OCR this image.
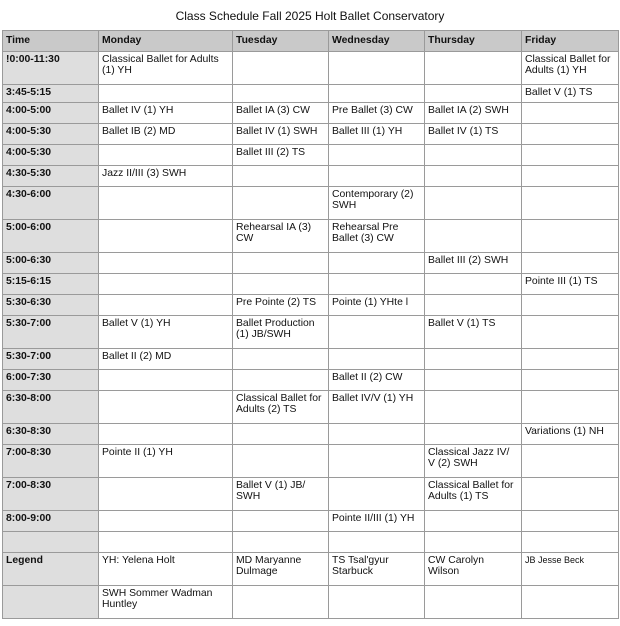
Class Schedule Fall 2025 Holt Ballet Conservatory
Time	Monday	Tuesday	Wednesday	Thursday	Friday
!0:00-11:30	Classical Ballet for Adults (1) YH				Classical Ballet for Adults (1) YH
3:45-5:15					Ballet V (1) TS
4:00-5:00	Ballet IV (1) YH	Ballet IA (3) CW	Pre Ballet (3) CW	Ballet IA (2) SWH	
4:00-5:30	Ballet IB (2) MD	Ballet IV (1) SWH	Ballet III (1) YH	Ballet IV (1) TS	
4:00-5:30		Ballet III (2) TS			
4:30-5:30	Jazz II/III (3) SWH				
4:30-6:00			Contemporary (2) SWH		
5:00-6:00		Rehearsal IA (3) CW	Rehearsal Pre Ballet (3) CW		
5:00-6:30				Ballet III (2) SWH	
5:15-6:15					Pointe III (1) TS
5:30-6:30		Pre Pointe (2) TS	Pointe (1) YHte l		
5:30-7:00	Ballet V (1) YH	Ballet Production (1) JB/SWH		Ballet V (1) TS	
5:30-7:00	Ballet II (2) MD				
6:00-7:30			Ballet II (2) CW		
6:30-8:00		Classical Ballet for Adults (2) TS	Ballet IV/V (1) YH		
6:30-8:30					Variations (1) NH
7:00-8:30	Pointe II (1) YH			Classical Jazz IV/ V (2) SWH	
7:00-8:30		Ballet V (1) JB/ SWH		Classical Ballet for Adults (1) TS	
8:00-9:00			Pointe II/III (1) YH		

Legend	YH: Yelena Holt	MD Maryanne Dulmage	TS Tsal'gyur Starbuck	CW Carolyn Wilson	JB Jesse Beck
	SWH Sommer Wadman Huntley				
